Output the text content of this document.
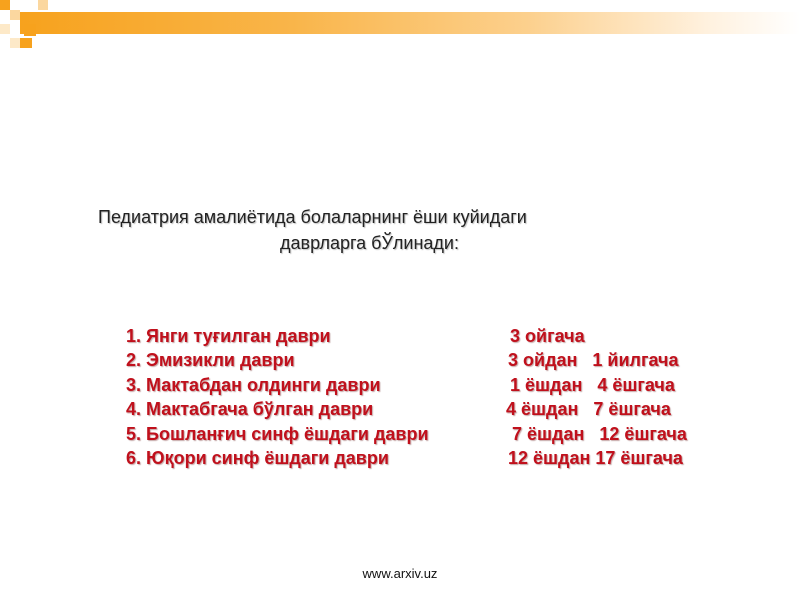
Педиатрия амалиётида болаларнинг ёши куйидаги
даврларга бЎлинади:

1. Янги туғилган даври

	3 ойгача

2. Эмизикли даври

	3 ойдан   1 йилгача

3. Мактабдан олдинги даври

	1 ёшдан   4 ёшгача

4. Мактабгача бўлган даври

	4 ёшдан   7 ёшгача

5. Бошланғич синф ёшдаги даври

	7 ёшдан   12 ёшгача

6. Юқори синф ёшдаги даври

	12 ёшдан 17 ёшгача

www.arxiv.uz
